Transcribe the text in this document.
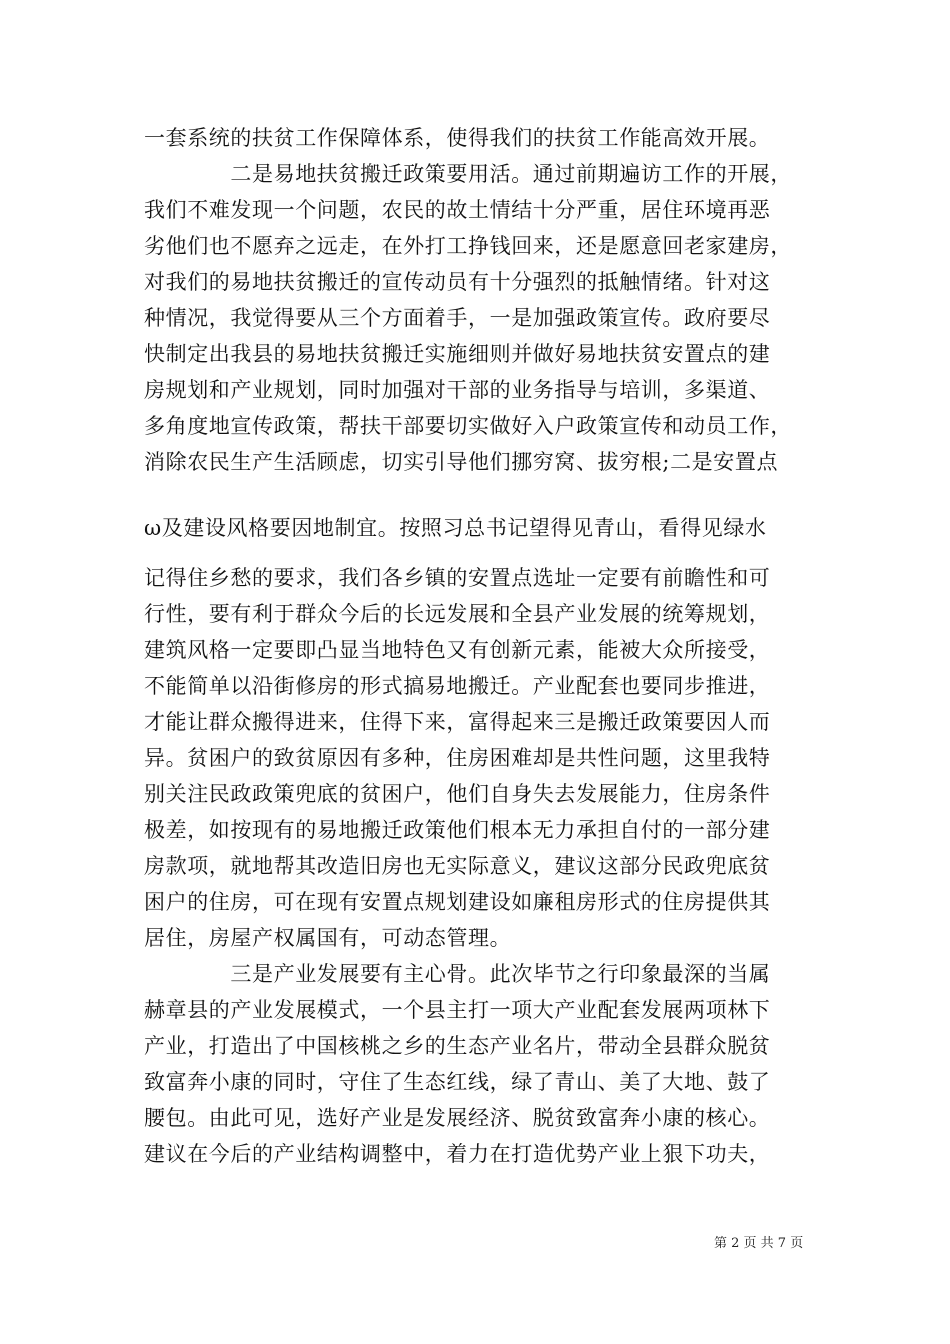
一套系统的扶贫工作保障体系，使得我们的扶贫工作能高效开展。
　　　　二是易地扶贫搬迁政策要用活。通过前期遍访工作的开展，
我们不难发现一个问题，农民的故土情结十分严重，居住环境再恶
劣他们也不愿弃之远走，在外打工挣钱回来，还是愿意回老家建房，
对我们的易地扶贫搬迁的宣传动员有十分强烈的抵触情绪。针对这
种情况，我觉得要从三个方面着手，一是加强政策宣传。政府要尽
快制定出我县的易地扶贫搬迁实施细则并做好易地扶贫安置点的建
房规划和产业规划，同时加强对干部的业务指导与培训，多渠道、
多角度地宣传政策，帮扶干部要切实做好入户政策宣传和动员工作，
消除农民生产生活顾虑，切实引导他们挪穷窝、拔穷根;二是安置点
ω及建设风格要因地制宜。按照习总书记望得见青山，看得见绿水
记得住乡愁的要求，我们各乡镇的安置点选址一定要有前瞻性和可
行性，要有利于群众今后的长远发展和全县产业发展的统筹规划，
建筑风格一定要即凸显当地特色又有创新元素，能被大众所接受，
不能简单以沿街修房的形式搞易地搬迁。产业配套也要同步推进，
才能让群众搬得进来，住得下来，富得起来三是搬迁政策要因人而
异。贫困户的致贫原因有多种，住房困难却是共性问题，这里我特
别关注民政政策兜底的贫困户，他们自身失去发展能力，住房条件
极差，如按现有的易地搬迁政策他们根本无力承担自付的一部分建
房款项，就地帮其改造旧房也无实际意义，建议这部分民政兜底贫
困户的住房，可在现有安置点规划建设如廉租房形式的住房提供其
居住，房屋产权属国有，可动态管理。
　　　　三是产业发展要有主心骨。此次毕节之行印象最深的当属
赫章县的产业发展模式，一个县主打一项大产业配套发展两项林下
产业，打造出了中国核桃之乡的生态产业名片，带动全县群众脱贫
致富奔小康的同时，守住了生态红线，绿了青山、美了大地、鼓了
腰包。由此可见，选好产业是发展经济、脱贫致富奔小康的核心。
建议在今后的产业结构调整中，着力在打造优势产业上狠下功夫，
第 2 页 共 7 页
